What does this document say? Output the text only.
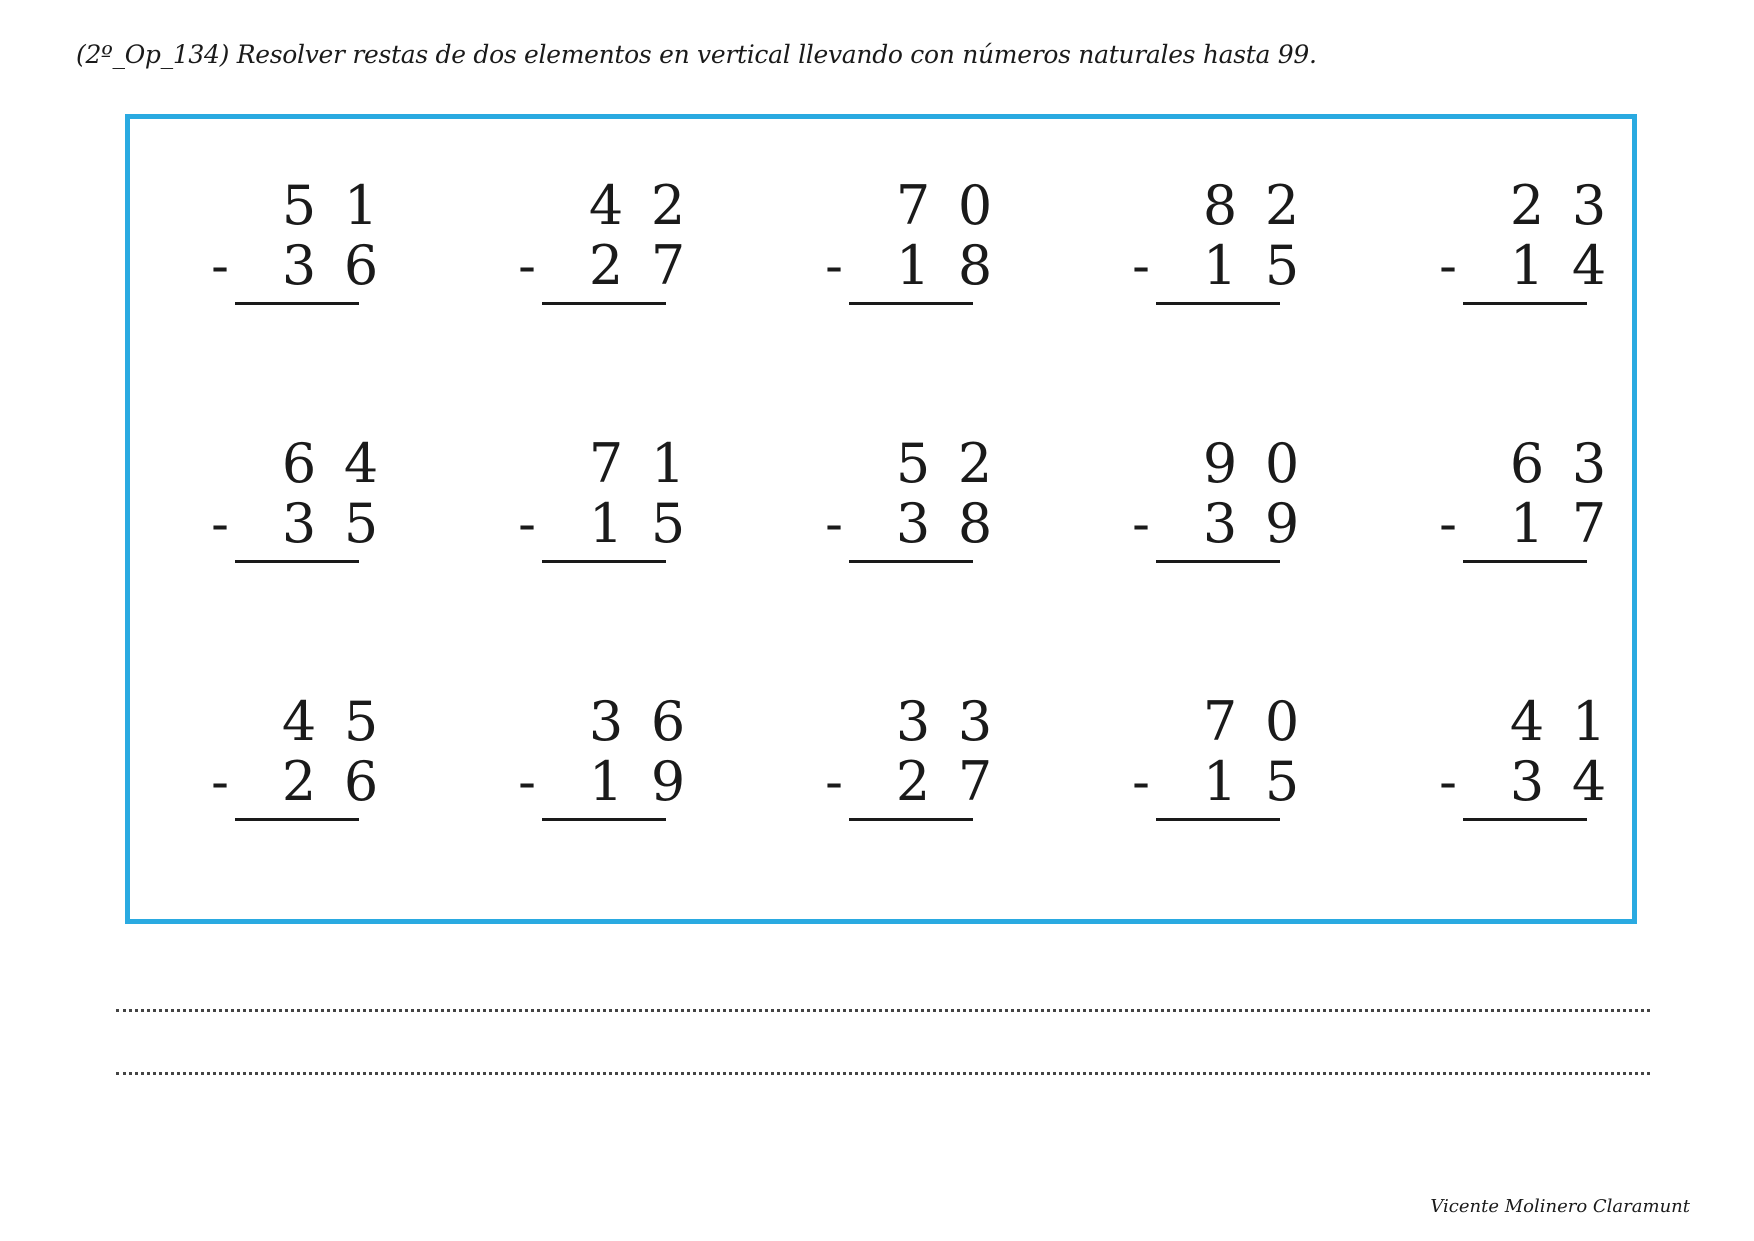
(2º_Op_134) Resolver restas de dos elementos en vertical llevando con números naturales hasta 99.
5 1
- 3 6
4 2
- 2 7
7 0
- 1 8
8 2
- 1 5
2 3
- 1 4
6 4
- 3 5
7 1
- 1 5
5 2
- 3 8
9 0
- 3 9
6 3
- 1 7
4 5
- 2 6
3 6
- 1 9
3 3
- 2 7
7 0
- 1 5
4 1
- 3 4
Vicente Molinero Claramunt
